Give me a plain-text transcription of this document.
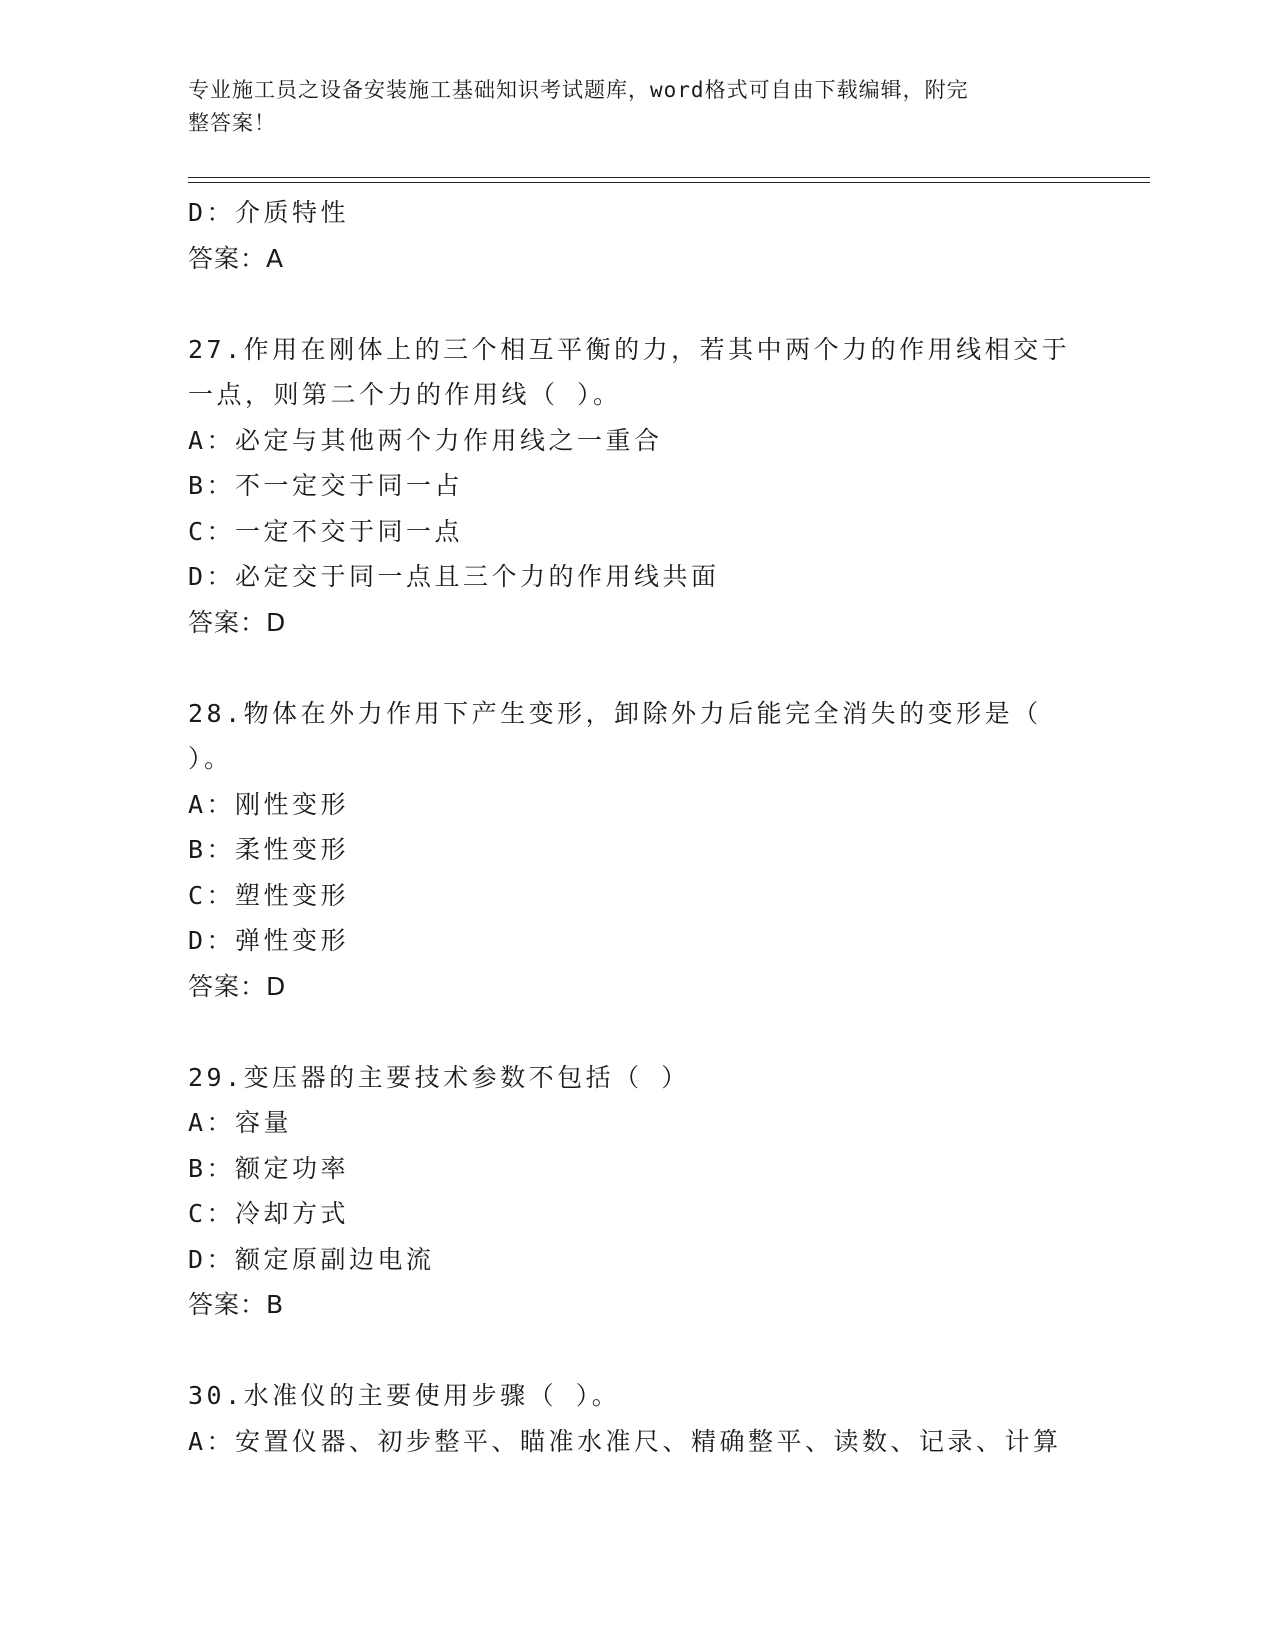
专业施工员之设备安装施工基础知识考试题库，word格式可自由下载编辑，附完
整答案！
D：介质特性
答案：A
27.作用在刚体上的三个相互平衡的力，若其中两个力的作用线相交于
一点，则第二个力的作用线（ ）。
A：必定与其他两个力作用线之一重合
B：不一定交于同一占
C：一定不交于同一点
D：必定交于同一点且三个力的作用线共面
答案：D
28.物体在外力作用下产生变形，卸除外力后能完全消失的变形是（
）。
A：刚性变形
B：柔性变形
C：塑性变形
D：弹性变形
答案：D
29.变压器的主要技术参数不包括（ ）
A：容量
B：额定功率
C：冷却方式
D：额定原副边电流
答案：B
30.水准仪的主要使用步骤（ ）。
A：安置仪器、初步整平、瞄准水准尺、精确整平、读数、记录、计算
